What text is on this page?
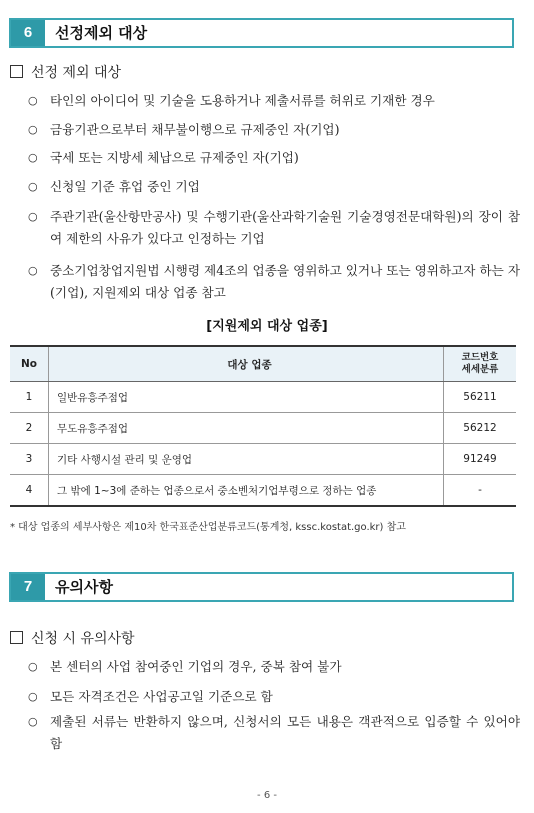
6	선정제외 대상
선정 제외 대상
○ 타인의 아이디어 및 기술을 도용하거나 제출서류를 허위로 기재한 경우
○ 금융기관으로부터 채무불이행으로 규제중인 자(기업)
○ 국세 또는 지방세 체납으로 규제중인 자(기업)
○ 신청일 기준 휴업 중인 기업
○ 주관기관(울산항만공사) 및 수행기관(울산과학기술원 기술경영전문대학원)의 장이 참여 제한의 사유가 있다고 인정하는 기업
○ 중소기업창업지원법 시행령 제4조의 업종을 영위하고 있거나 또는 영위하고자 하는 자(기업), 지원제외 대상 업종 참고
[지원제외 대상 업종]
No	대상 업종	코드번호
세세분류

1	일반유흥주점업	56211
2	무도유흥주점업	56212
3	기타 사행시설 관리 및 운영업	91249
4	그 밖에 1~3에 준하는 업종으로서 중소벤처기업부령으로 정하는 업종	-
* 대상 업종의 세부사항은 제10차 한국표준산업분류코드(통계청, kssc.kostat.go.kr) 참고
7	유의사항
신청 시 유의사항
○ 본 센터의 사업 참여중인 기업의 경우, 중복 참여 불가
○ 모든 자격조건은 사업공고일 기준으로 함
○ 제출된 서류는 반환하지 않으며, 신청서의 모든 내용은 객관적으로 입증할 수 있어야 함
- 6 -
